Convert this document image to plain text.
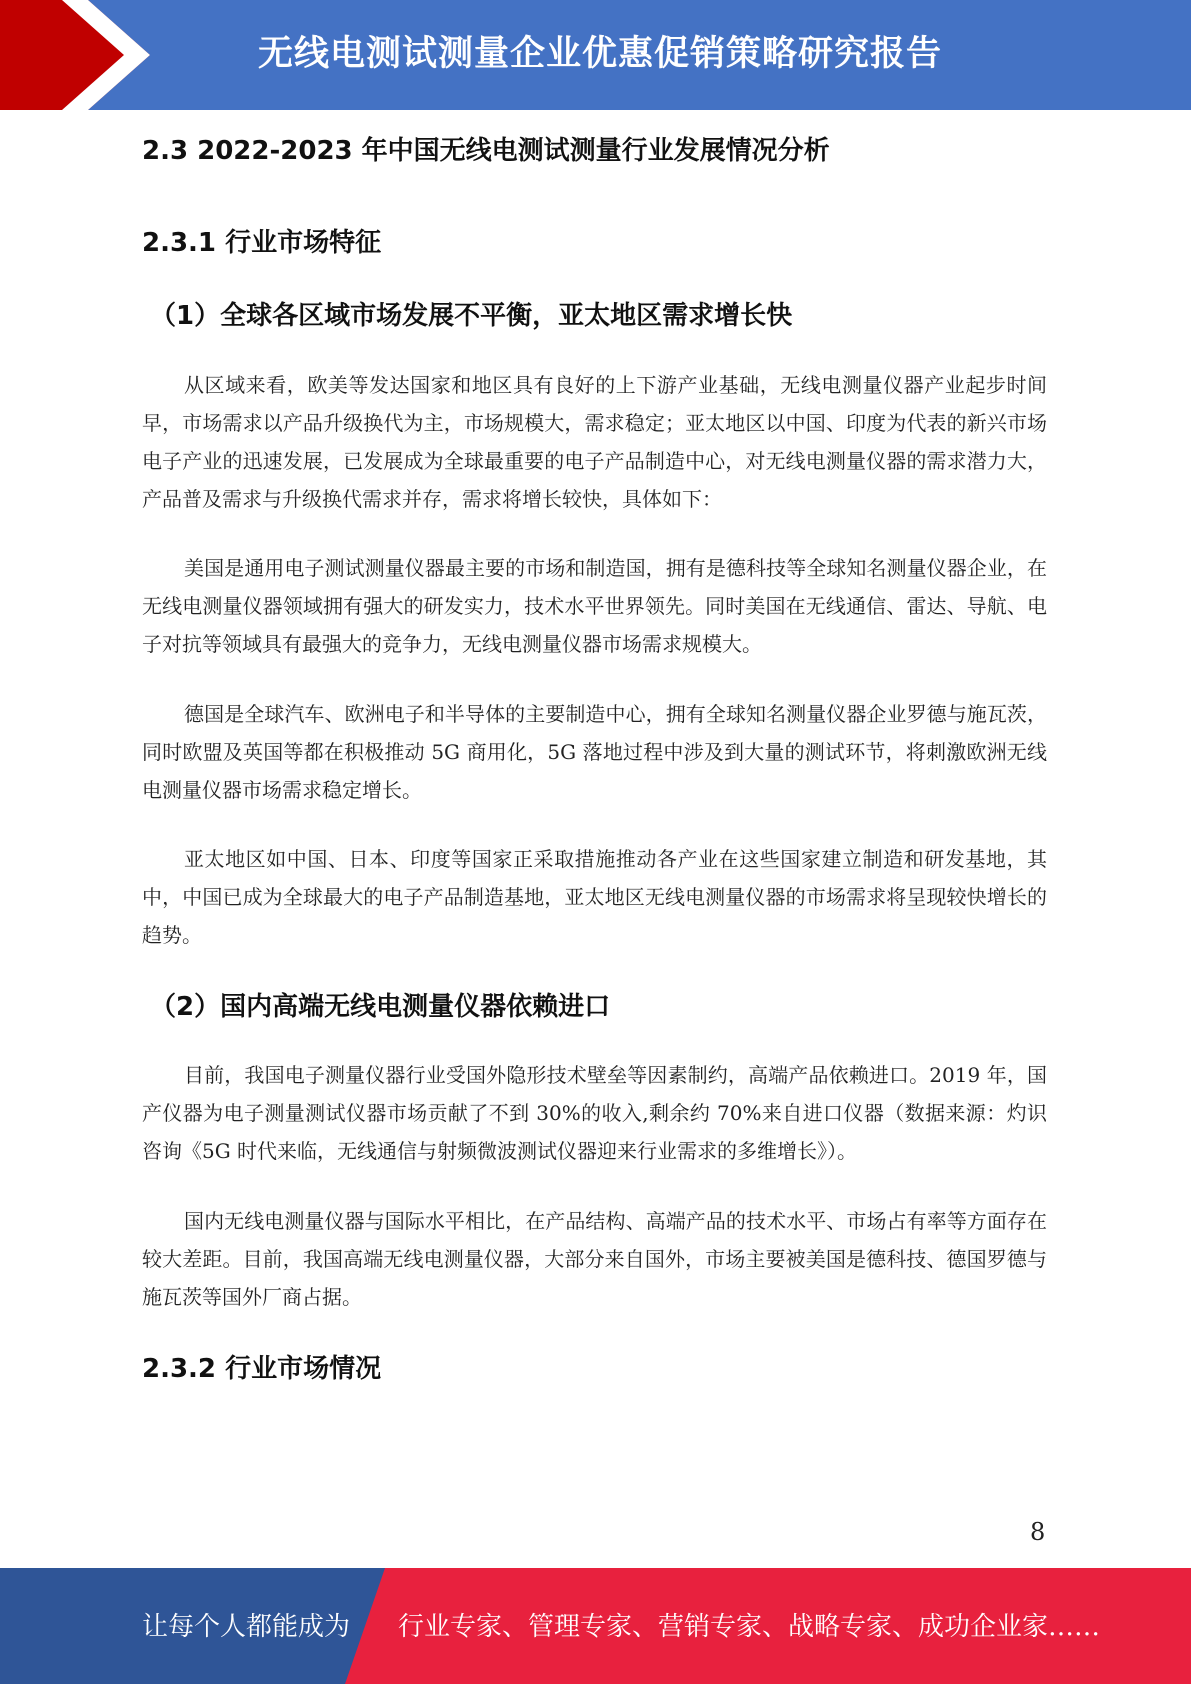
无线电测试测量企业优惠促销策略研究报告
2.3 2022-2023 年中国无线电测试测量行业发展情况分析
2.3.1 行业市场特征
（1）全球各区域市场发展不平衡，亚太地区需求增长快

从区域来看，欧美等发达国家和地区具有良好的上下游产业基础，无线电测量仪器产业起步时间早，市场需求以产品升级换代为主，市场规模大，需求稳定；亚太地区以中国、印度为代表的新兴市场电子产业的迅速发展，已发展成为全球最重要的电子产品制造中心，对无线电测量仪器的需求潜力大，产品普及需求与升级换代需求并存，需求将增长较快，具体如下：

美国是通用电子测试测量仪器最主要的市场和制造国，拥有是德科技等全球知名测量仪器企业，在无线电测量仪器领域拥有强大的研发实力，技术水平世界领先。同时美国在无线通信、雷达、导航、电子对抗等领域具有最强大的竞争力，无线电测量仪器市场需求规模大。

德国是全球汽车、欧洲电子和半导体的主要制造中心，拥有全球知名测量仪器企业罗德与施瓦茨，同时欧盟及英国等都在积极推动 5G 商用化，5G 落地过程中涉及到大量的测试环节，将刺激欧洲无线电测量仪器市场需求稳定增长。

亚太地区如中国、日本、印度等国家正采取措施推动各产业在这些国家建立制造和研发基地，其中，中国已成为全球最大的电子产品制造基地，亚太地区无线电测量仪器的市场需求将呈现较快增长的趋势。

（2）国内高端无线电测量仪器依赖进口

目前，我国电子测量仪器行业受国外隐形技术壁垒等因素制约，高端产品依赖进口。2019 年，国产仪器为电子测量测试仪器市场贡献了不到 30%的收入,剩余约 70%来自进口仪器（数据来源：灼识咨询《5G 时代来临，无线通信与射频微波测试仪器迎来行业需求的多维增长》）。

国内无线电测量仪器与国际水平相比，在产品结构、高端产品的技术水平、市场占有率等方面存在较大差距。目前，我国高端无线电测量仪器，大部分来自国外，市场主要被美国是德科技、德国罗德与施瓦茨等国外厂商占据。

2.3.2 行业市场情况
8
让每个人都能成为 行业专家、管理专家、营销专家、战略专家、成功企业家……
